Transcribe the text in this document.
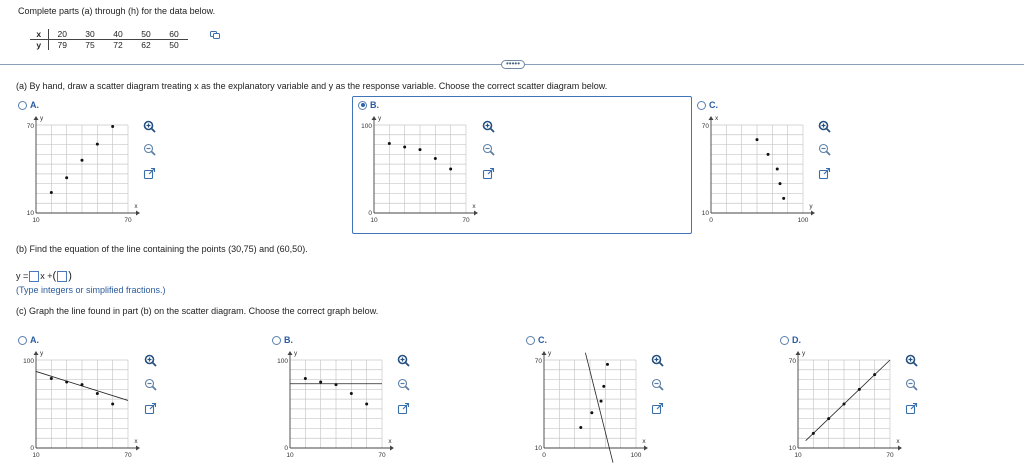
Complete parts (a) through (h) for the data below.
x	20	30	40	50	60
y	79	75	72	62	50
•••••
(a) By hand, draw a scatter diagram treating x as the explanatory variable and y as the response variable. Choose the correct scatter diagram below.
A.	B.	C.
70
10
10	70
y
x
100
0
10	70
y
x
70
10
0	100
x
y
(b) Find the equation of the line containing the points (30,75) and (60,50).
y = x + ( )
(Type integers or simplified fractions.)
(c) Graph the line found in part (b) on the scatter diagram. Choose the correct graph below.
A.	B.	C.	D.
100
0
10	70
y
x
100
0
10	70
y
x
70
10
0	100
y
x
70
10
10	70
y
x
